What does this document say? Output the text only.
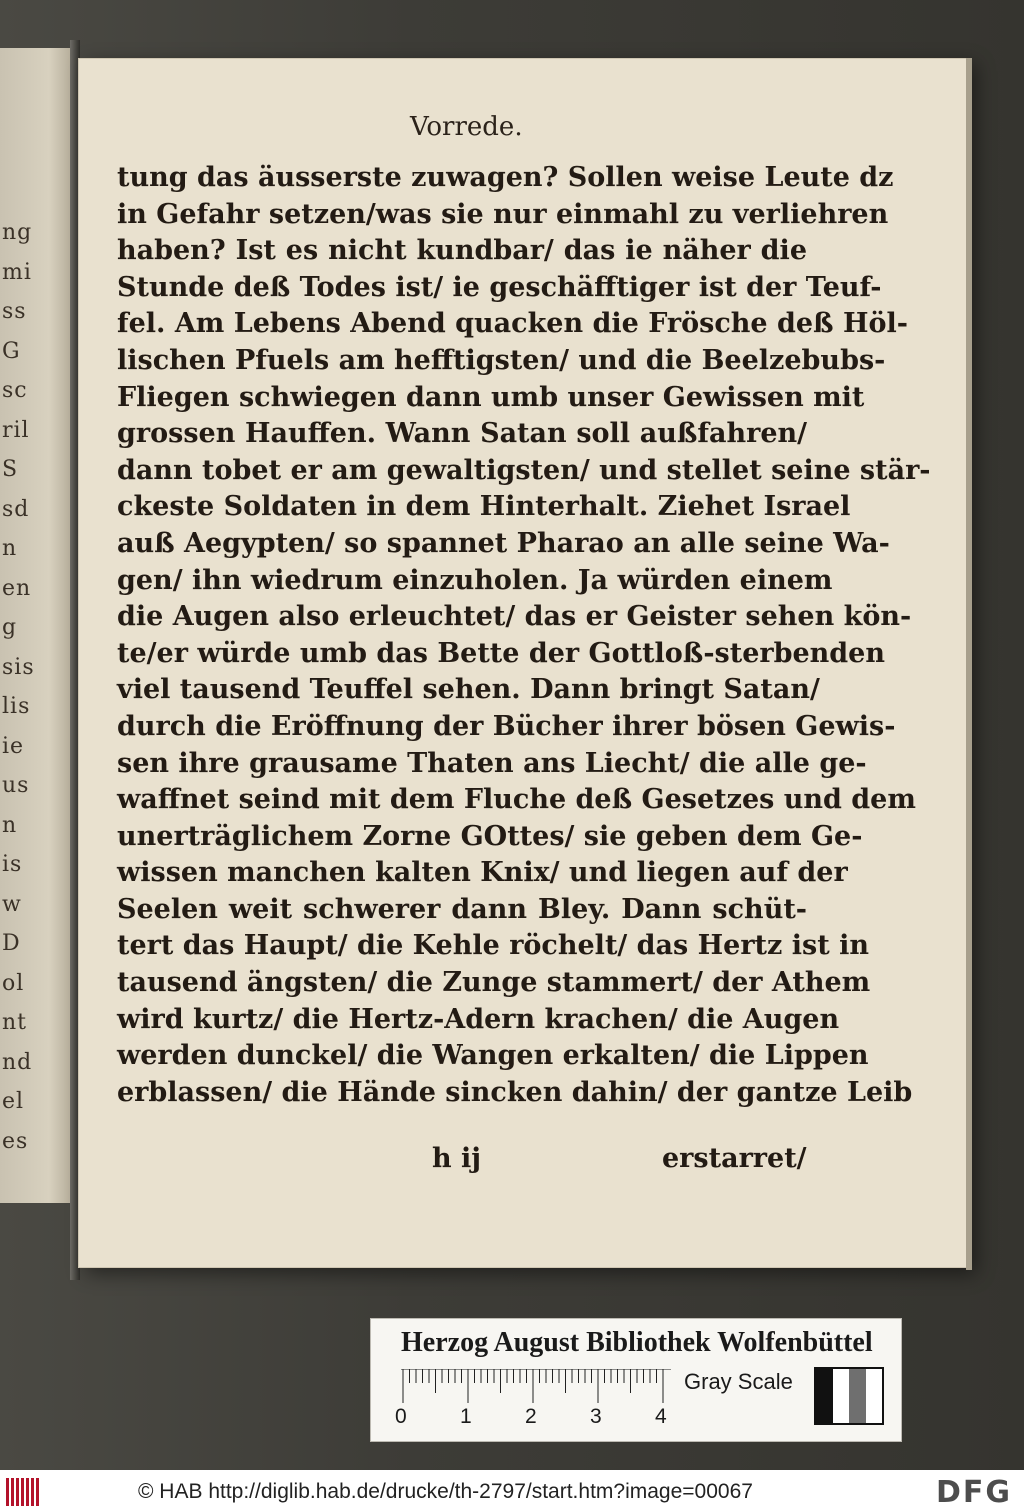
ng
mi
ss
G
sc
ril
S
sd
n
en
g
sis
lis
ie
us
n
is
w
D
ol
nt
nd
el
es
Vorrede.
tung das äusserste zuwagen? Sollen weise Leute dz
in Gefahr setzen/was sie nur einmahl zu verliehren
haben? Ist es nicht kundbar/ das ie näher die
Stunde deß Todes ist/ ie geschäfftiger ist der Teuf-
fel. Am Lebens Abend quacken die Frösche deß Höl-
lischen Pfuels am hefftigsten/ und die Beelzebubs-
Fliegen schwiegen dann umb unser Gewissen mit
grossen Hauffen. Wann Satan soll außfahren/
dann tobet er am gewaltigsten/ und stellet seine stär-
ckeste Soldaten in dem Hinterhalt. Ziehet Israel
auß Aegypten/ so spannet Pharao an alle seine Wa-
gen/ ihn wiedrum einzuholen. Ja würden einem
die Augen also erleuchtet/ das er Geister sehen kön-
te/er würde umb das Bette der Gottloß-sterbenden
viel tausend Teuffel sehen. Dann bringt Satan/
durch die Eröffnung der Bücher ihrer bösen Gewis-
sen ihre grausame Thaten ans Liecht/ die alle ge-
waffnet seind mit dem Fluche deß Gesetzes und dem
unerträglichem Zorne GOttes/ sie geben dem Ge-
wissen manchen kalten Knix/ und liegen auf der
Seelen weit schwerer dann Bley. Dann schüt-
tert das Haupt/ die Kehle röchelt/ das Hertz ist in
tausend ängsten/ die Zunge stammert/ der Athem
wird kurtz/ die Hertz-Adern krachen/ die Augen
werden dunckel/ die Wangen erkalten/ die Lippen
erblassen/ die Hände sincken dahin/ der gantze Leib
h ij	erstarret/
Herzog August Bibliothek Wolfenbüttel
0	1	2	3	4
Gray Scale
© HAB http://diglib.hab.de/drucke/th-2797/start.htm?image=00067	DFG
